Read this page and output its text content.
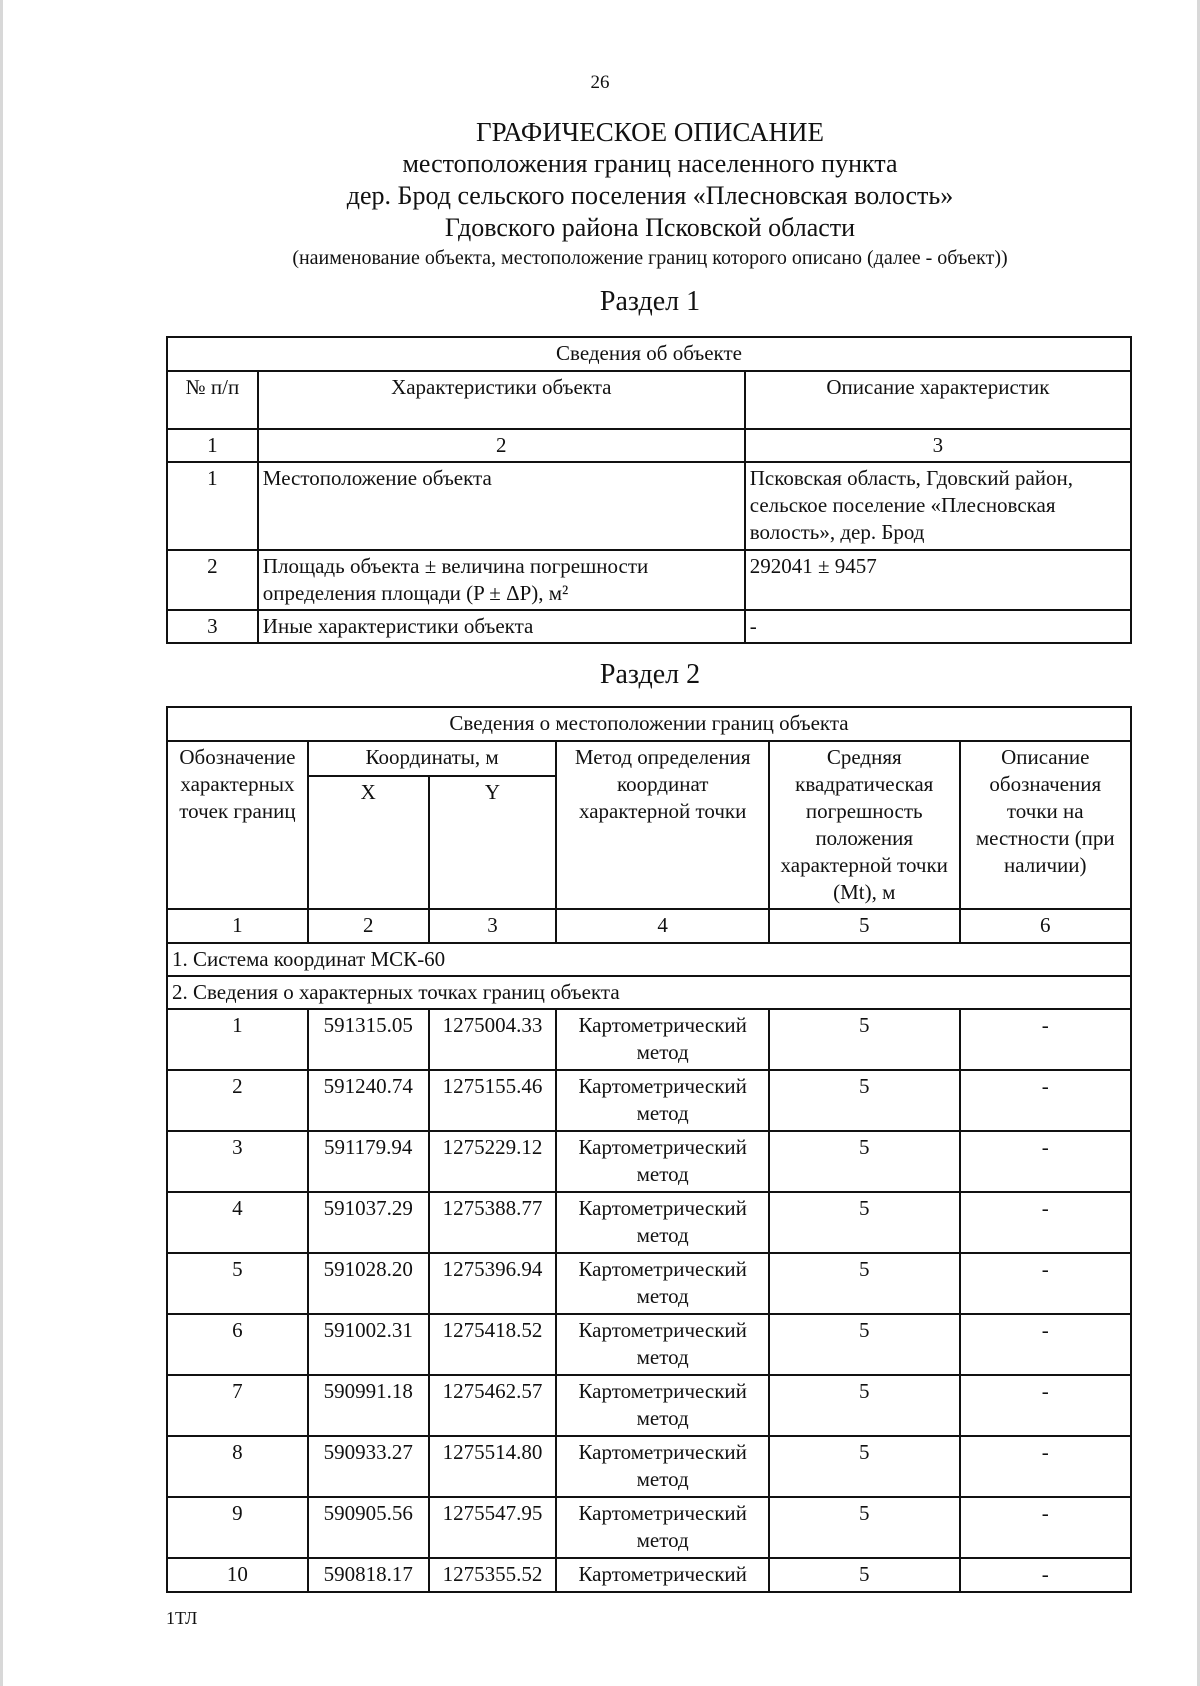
26
ГРАФИЧЕСКОЕ ОПИСАНИЕ
местоположения границ населенного пункта
дер. Брод сельского поселения «Плесновская волость»
Гдовского района Псковской области
(наименование объекта, местоположение границ которого описано (далее - объект))
Раздел 1
Сведения об объекте		
№ п/п	Характеристики объекта	Описание характеристик
1	2	3
1	Местоположение объекта	Псковская область, Гдовский район, сельское поселение «Плесновская волость», дер. Брод
2	Площадь объекта ± величина погрешности определения площади (P ± ΔP), м²	292041 ± 9457
3	Иные характеристики объекта	-
Раздел 2
Сведения о местоположении границ объекта					
Обозначение характерных точек границ	Координаты, м		Метод определения координат характерной точки	Средняя квадратическая погрешность положения характерной точки (Mt), м	Описание обозначения точки на местности (при наличии)
	X	Y			
1	2	3	4	5	6
1. Система координат МСК-60					
2. Сведения о характерных точках границ объекта					
1	591315.05	1275004.33	Картометрический метод	5	-
2	591240.74	1275155.46	Картометрический метод	5	-
3	591179.94	1275229.12	Картометрический метод	5	-
4	591037.29	1275388.77	Картометрический метод	5	-
5	591028.20	1275396.94	Картометрический метод	5	-
6	591002.31	1275418.52	Картометрический метод	5	-
7	590991.18	1275462.57	Картометрический метод	5	-
8	590933.27	1275514.80	Картометрический метод	5	-
9	590905.56	1275547.95	Картометрический метод	5	-
10	590818.17	1275355.52	Картометрический	5	-
1ТЛ
